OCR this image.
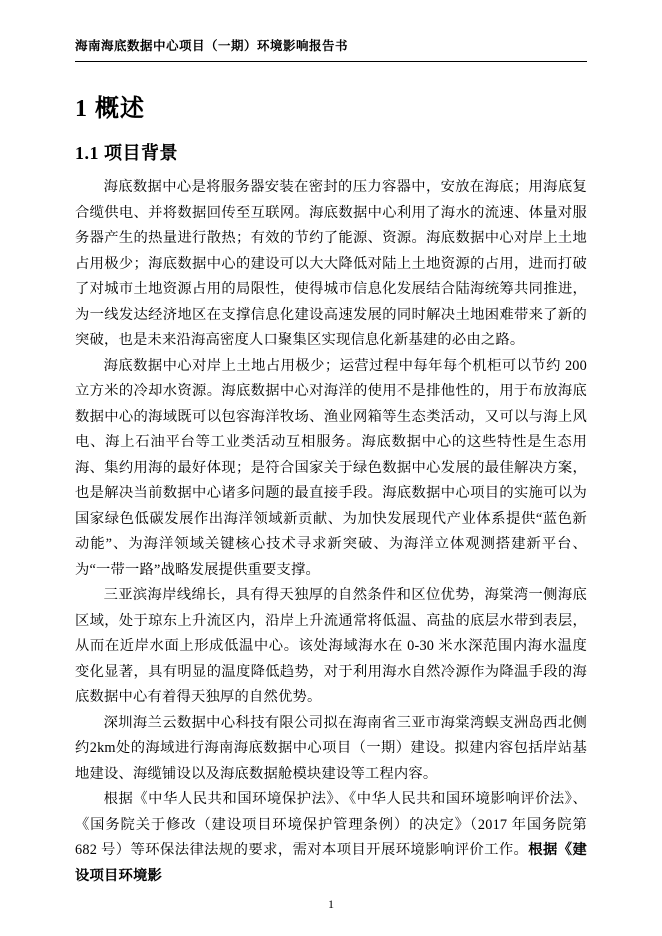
海南海底数据中心项目（一期）环境影响报告书
1 概述
1.1 项目背景

海底数据中心是将服务器安装在密封的压力容器中，安放在海底；用海底复合缆供电、并将数据回传至互联网。海底数据中心利用了海水的流速、体量对服务器产生的热量进行散热；有效的节约了能源、资源。海底数据中心对岸上土地占用极少；海底数据中心的建设可以大大降低对陆上土地资源的占用，进而打破了对城市土地资源占用的局限性，使得城市信息化发展结合陆海统筹共同推进，为一线发达经济地区在支撑信息化建设高速发展的同时解决土地困难带来了新的突破，也是未来沿海高密度人口聚集区实现信息化新基建的必由之路。

海底数据中心对岸上土地占用极少；运营过程中每年每个机柜可以节约 200 立方米的冷却水资源。海底数据中心对海洋的使用不是排他性的，用于布放海底数据中心的海域既可以包容海洋牧场、渔业网箱等生态类活动，又可以与海上风电、海上石油平台等工业类活动互相服务。海底数据中心的这些特性是生态用海、集约用海的最好体现；是符合国家关于绿色数据中心发展的最佳解决方案，也是解决当前数据中心诸多问题的最直接手段。海底数据中心项目的实施可以为国家绿色低碳发展作出海洋领域新贡献、为加快发展现代产业体系提供“蓝色新动能”、为海洋领域关键核心技术寻求新突破、为海洋立体观测搭建新平台、为“一带一路”战略发展提供重要支撑。

三亚滨海岸线绵长，具有得天独厚的自然条件和区位优势，海棠湾一侧海底区域，处于琼东上升流区内，沿岸上升流通常将低温、高盐的底层水带到表层，从而在近岸水面上形成低温中心。该处海域海水在 0-30 米水深范围内海水温度变化显著，具有明显的温度降低趋势，对于利用海水自然冷源作为降温手段的海底数据中心有着得天独厚的自然优势。

深圳海兰云数据中心科技有限公司拟在海南省三亚市海棠湾蜈支洲岛西北侧约2km处的海域进行海南海底数据中心项目（一期）建设。拟建内容包括岸站基地建设、海缆铺设以及海底数据舱模块建设等工程内容。

根据《中华人民共和国环境保护法》、《中华人民共和国环境影响评价法》、《国务院关于修改（建设项目环境保护管理条例）的决定》（2017 年国务院第 682 号）等环保法律法规的要求，需对本项目开展环境影响评价工作。根据《建设项目环境影

1
